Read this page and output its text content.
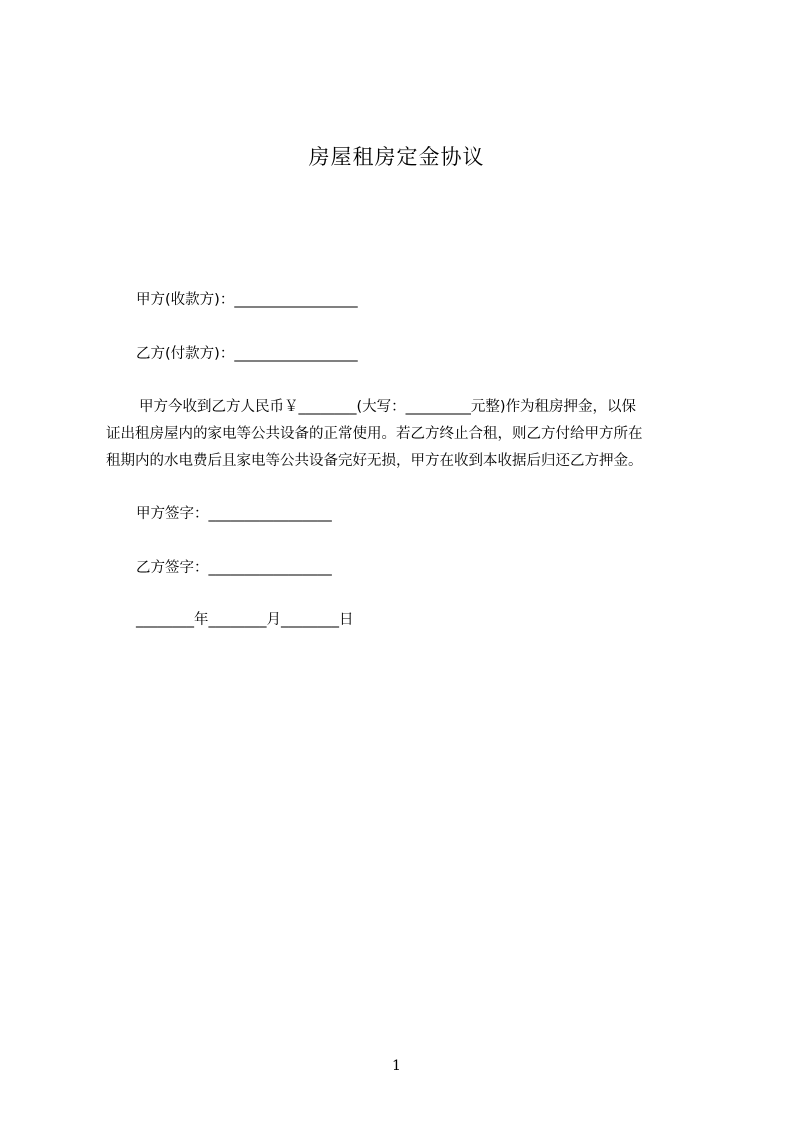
房屋租房定金协议
甲方(收款方)：_________________
乙方(付款方)：_________________
甲方今收到乙方人民币￥________(大写：_________元整)作为租房押金，以保
证出租房屋内的家电等公共设备的正常使用。若乙方终止合租，则乙方付给甲方所在
租期内的水电费后且家电等公共设备完好无损，甲方在收到本收据后归还乙方押金。
甲方签字：_________________
乙方签字：_________________
________年________月________日
1
